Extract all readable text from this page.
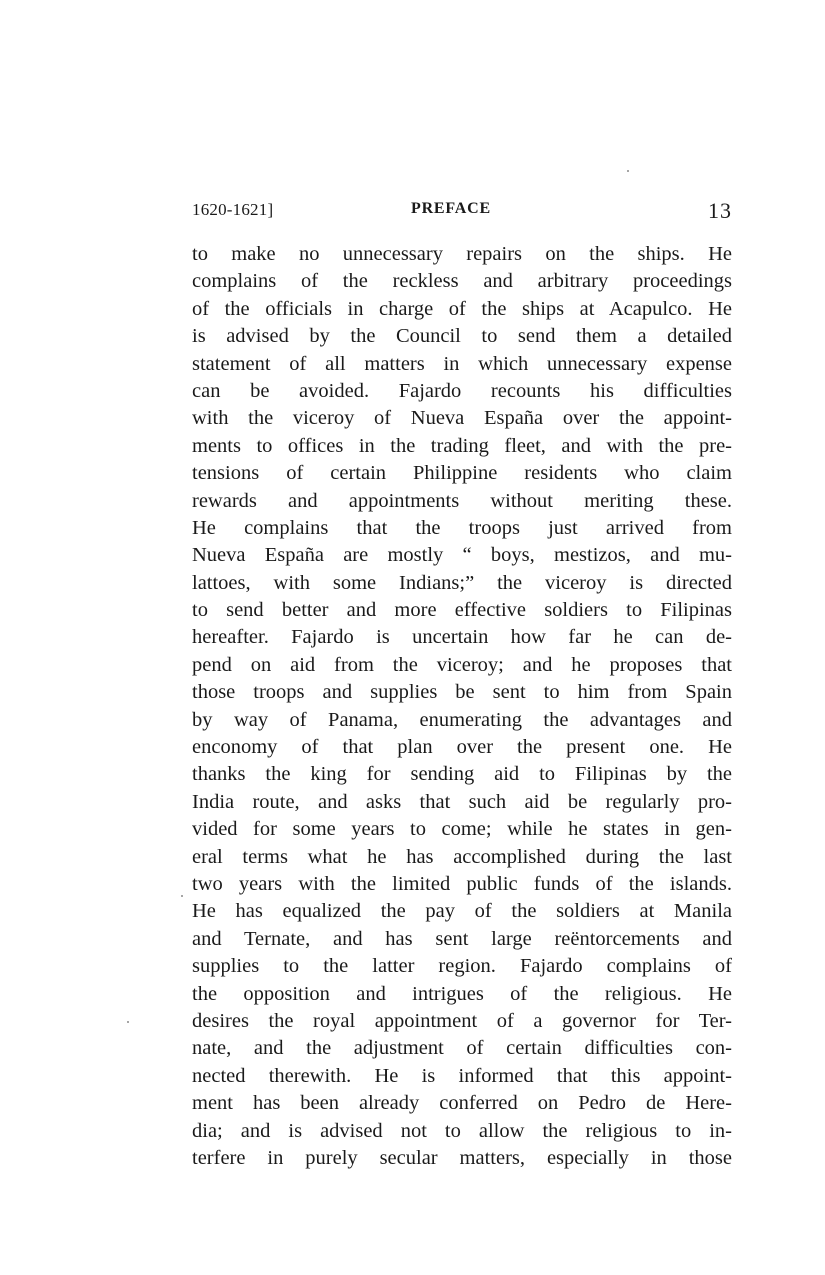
1620-1621]	PREFACE	13
to make no unnecessary repairs on the ships. He
complains of the reckless and arbitrary proceedings
of the officials in charge of the ships at Acapulco. He
is advised by the Council to send them a detailed
statement of all matters in which unnecessary expense
can be avoided. Fajardo recounts his difficulties
with the viceroy of Nueva España over the appoint-
ments to offices in the trading fleet, and with the pre-
tensions of certain Philippine residents who claim
rewards and appointments without meriting these.
He complains that the troops just arrived from
Nueva España are mostly “ boys, mestizos, and mu-
lattoes, with some Indians;” the viceroy is directed
to send better and more effective soldiers to Filipinas
hereafter. Fajardo is uncertain how far he can de-
pend on aid from the viceroy; and he proposes that
those troops and supplies be sent to him from Spain
by way of Panama, enumerating the advantages and
enconomy of that plan over the present one. He
thanks the king for sending aid to Filipinas by the
India route, and asks that such aid be regularly pro-
vided for some years to come; while he states in gen-
eral terms what he has accomplished during the last
two years with the limited public funds of the islands.
He has equalized the pay of the soldiers at Manila
and Ternate, and has sent large reëntorcements and
supplies to the latter region. Fajardo complains of
the opposition and intrigues of the religious. He
desires the royal appointment of a governor for Ter-
nate, and the adjustment of certain difficulties con-
nected therewith. He is informed that this appoint-
ment has been already conferred on Pedro de Here-
dia; and is advised not to allow the religious to in-
terfere in purely secular matters, especially in those
